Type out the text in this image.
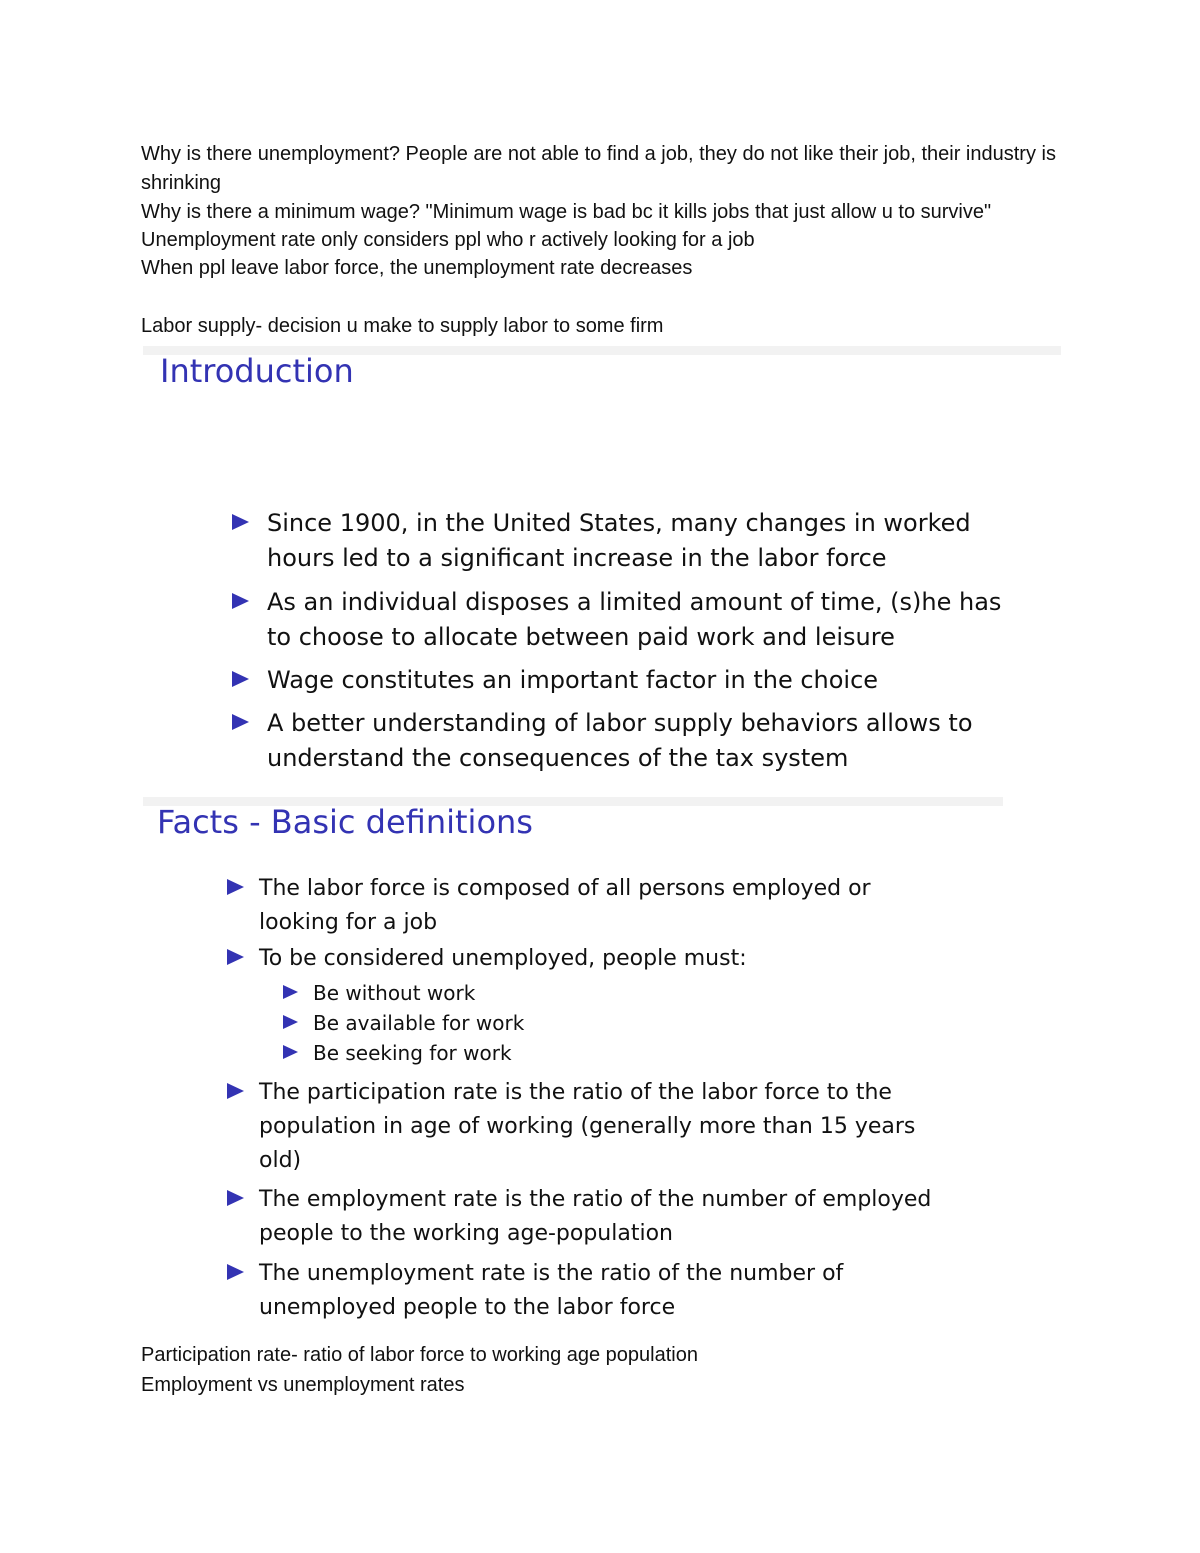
Why is there unemployment? People are not able to find a job, they do not like their job, their industry is shrinking
Why is there a minimum wage? "Minimum wage is bad bc it kills jobs that just allow u to survive"
Unemployment rate only considers ppl who r actively looking for a job
When ppl leave labor force, the unemployment rate decreases
Labor supply- decision u make to supply labor to some firm
Introduction
Since 1900, in the United States, many changes in worked hours led to a significant increase in the labor force
As an individual disposes a limited amount of time, (s)he has to choose to allocate between paid work and leisure
Wage constitutes an important factor in the choice
A better understanding of labor supply behaviors allows to understand the consequences of the tax system
Facts - Basic definitions
The labor force is composed of all persons employed or looking for a job
To be considered unemployed, people must:
Be without work
Be available for work
Be seeking for work
The participation rate is the ratio of the labor force to the population in age of working (generally more than 15 years old)
The employment rate is the ratio of the number of employed people to the working age-population
The unemployment rate is the ratio of the number of unemployed people to the labor force
Participation rate- ratio of labor force to working age population
Employment vs unemployment rates
